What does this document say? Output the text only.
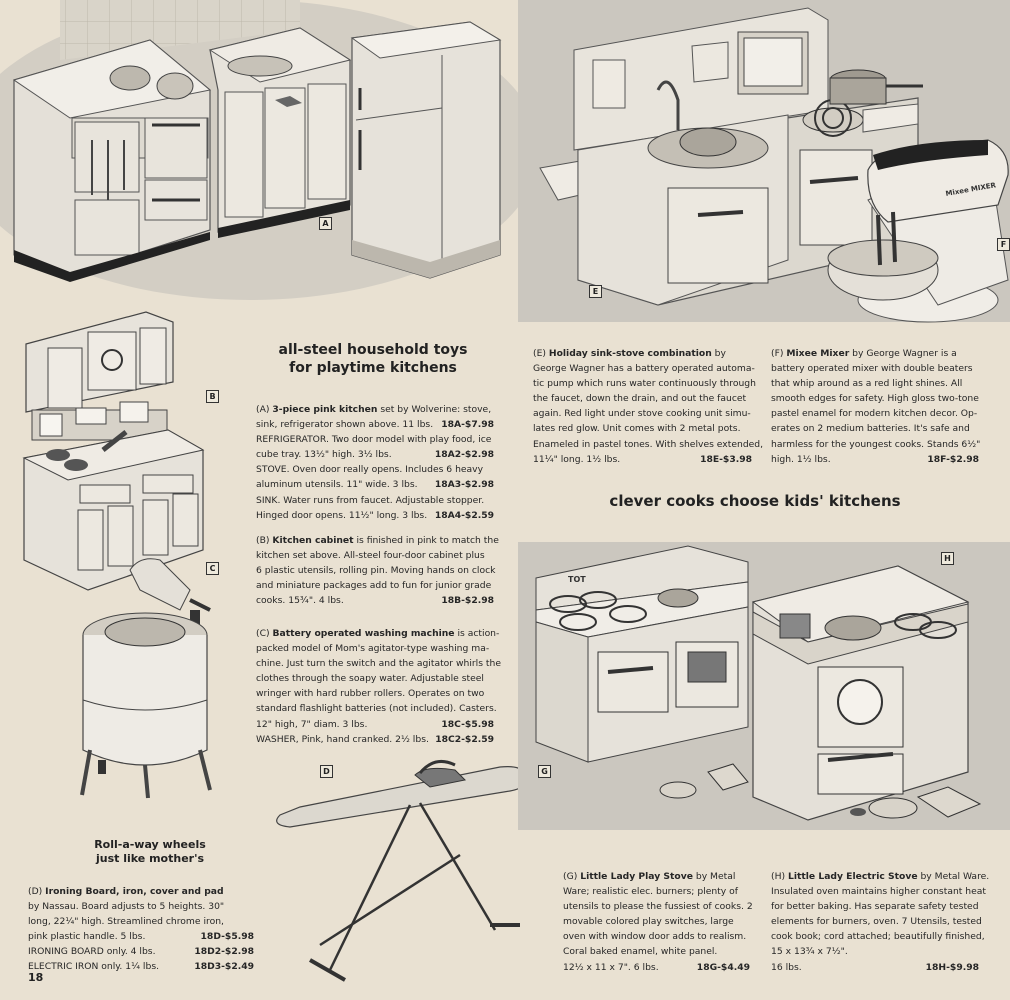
A
Mixee MIXER
E
F
B
C
D
TOT
H
G
all-steel household toys
for playtime kitchens
clever cooks choose kids' kitchens
Roll-a-way wheels
just like mother's
(A) 3-piece pink kitchen set by Wolverine: stove,
18A-$7.98
sink, refrigerator shown above. 11 lbs.
REFRIGERATOR. Two door model with play food, ice
18A2-$2.98
cube tray. 13½" high. 3½ lbs.
STOVE. Oven door really opens. Includes 6 heavy
18A3-$2.98
aluminum utensils. 11" wide. 3 lbs.
SINK. Water runs from faucet. Adjustable stopper.
18A4-$2.59
Hinged door opens. 11½" long. 3 lbs.
(B) Kitchen cabinet is finished in pink to match the
kitchen set above. All-steel four-door cabinet plus
6 plastic utensils, rolling pin. Moving hands on clock
and miniature packages add to fun for junior grade
18B-$2.98
cooks. 15¾". 4 lbs.
(C) Battery operated washing machine is action-
packed model of Mom's agitator-type washing ma-
chine. Just turn the switch and the agitator whirls the
clothes through the soapy water. Adjustable steel
wringer with hard rubber rollers. Operates on two
standard flashlight batteries (not included). Casters.
18C-$5.98
12" high, 7" diam. 3 lbs.
18C2-$2.59
WASHER, Pink, hand cranked. 2½ lbs.
(D) Ironing Board, iron, cover and pad
by Nassau. Board adjusts to 5 heights. 30"
long, 22¼" high. Streamlined chrome iron,
18D-$5.98
pink plastic handle. 5 lbs.
18D2-$2.98
IRONING BOARD only. 4 lbs.
18D3-$2.49
ELECTRIC IRON only. 1¼ lbs.
(E) Holiday sink-stove combination by
George Wagner has a battery operated automa-
tic pump which runs water continuously through
the faucet, down the drain, and out the faucet
again. Red light under stove cooking unit simu-
lates red glow. Unit comes with 2 metal pots.
Enameled in pastel tones. With shelves extended,
18E-$3.98
11¼" long. 1½ lbs.
(F) Mixee Mixer by George Wagner is a
battery operated mixer with double beaters
that whip around as a red light shines. All
smooth edges for safety. High gloss two-tone
pastel enamel for modern kitchen decor. Op-
erates on 2 medium batteries. It's safe and
harmless for the youngest cooks. Stands 6½"
18F-$2.98
high. 1½ lbs.
(G) Little Lady Play Stove by Metal
Ware; realistic elec. burners; plenty of
utensils to please the fussiest of cooks. 2
movable colored play switches, large
oven with window door adds to realism.
Coral baked enamel, white panel.
18G-$4.49
12½ x 11 x 7". 6 lbs.
(H) Little Lady Electric Stove by Metal Ware.
Insulated oven maintains higher constant heat
for better baking. Has separate safety tested
elements for burners, oven. 7 Utensils, tested
cook book; cord attached; beautifully finished,
15 x 13¾ x 7½".
18H-$9.98
16 lbs.
18
